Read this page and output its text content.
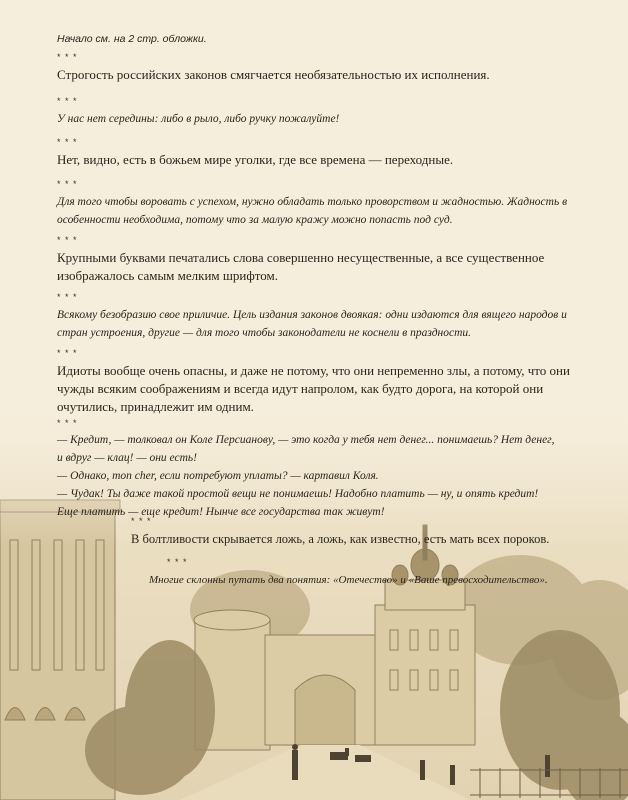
Начало см. на 2 стр. обложки.
* * *
Строгость российских законов смягчается необязательностью их исполнения.
* * *
У нас нет середины: либо в рыло, либо ручку пожалуйте!
* * *
Нет, видно, есть в божьем мире уголки, где все времена — переходные.
* * *
Для того чтобы воровать с успехом, нужно обладать только проворством и жадностью. Жадность в особенности необходима, потому что за малую кражу можно попасть под суд.
* * *
Крупными буквами печатались слова совершенно несущественные, а все существенное изображалось самым мелким шрифтом.
* * *
Всякому безобразию свое приличие. Цель издания законов двоякая: одни издаются для вящего народов и стран устроения, другие — для того чтобы законодатели не коснели в праздности.
* * *
Идиоты вообще очень опасны, и даже не потому, что они непременно злы, а потому, что они чужды всяким соображениям и всегда идут напролом, как будто дорога, на которой они очутились, принадлежит им одним.
* * *
— Кредит, — толковал он Коле Персианову, — это когда у тебя нет денег... понимаешь? Нет денег,
и вдруг — клац! — они есть!
— Однако, mon cher, если потребуют уплаты? — картавил Коля.
— Чудак! Ты даже такой простой вещи не понимаешь! Надобно платить — ну, и опять кредит!
Еще платить — еще кредит! Нынче все государства так живут!
* * *
В болтливости скрывается ложь, а ложь, как известно, есть мать всех пороков.
* * *
Многие склонны путать два понятия: «Отечество» и «Ваше превосходительство».
